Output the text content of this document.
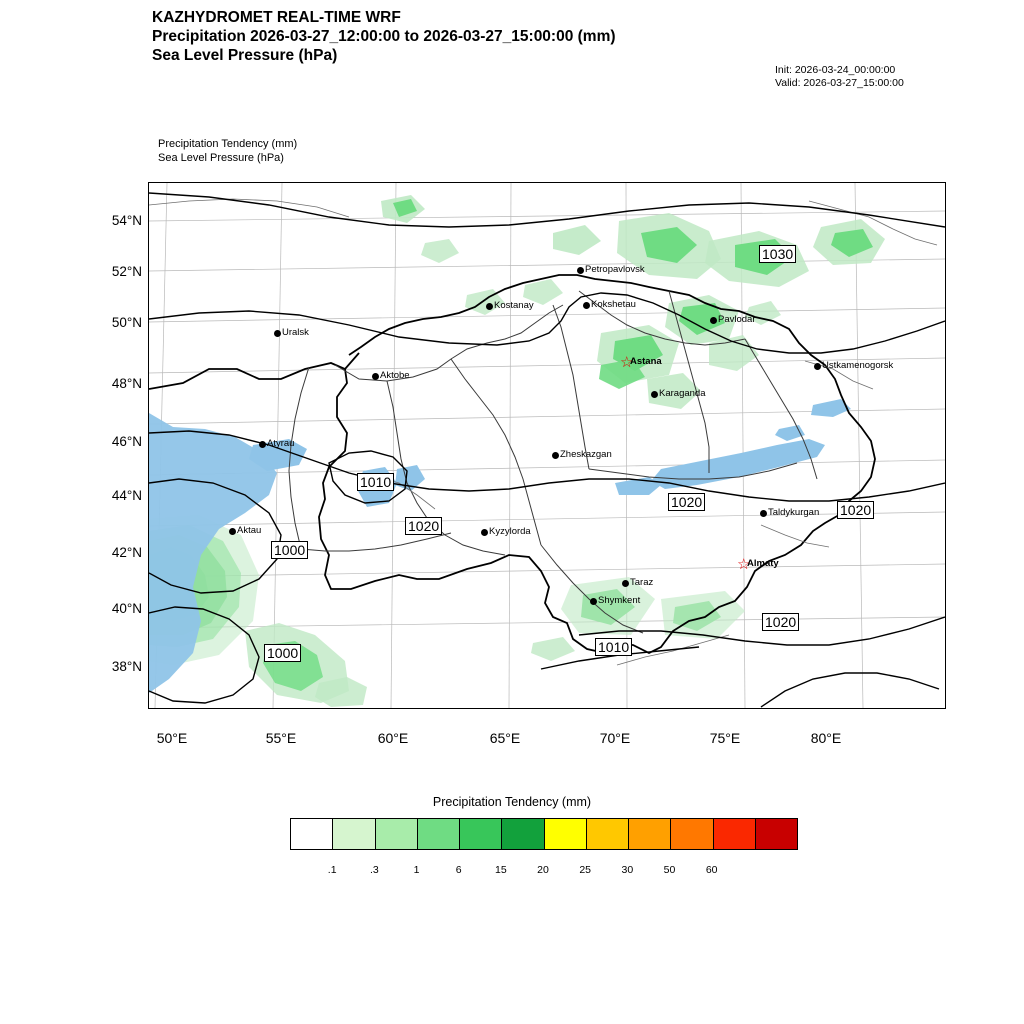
KAZHYDROMET REAL-TIME WRF
Precipitation 2026-03-27_12:00:00 to 2026-03-27_15:00:00 (mm)
Sea Level Pressure (hPa)
Init: 2026-03-24_00:00:00
Valid: 2026-03-27_15:00:00
Precipitation Tendency (mm)
Sea Level Pressure (hPa)
54°N
52°N
50°N
48°N
46°N
44°N
42°N
40°N
38°N
50°E	55°E	60°E	65°E	70°E	75°E	80°E
Petropavlovsk
Kostanay	Kokshetau
Pavlodar
Uralsk
Ustkamenogorsk
Aktobe
☆
Astana
Karaganda
Atyrau
Zheskazgan
Taldykurgan
Aktau	Kyzylorda
☆
Almaty
Taraz
Shymkent
1030
1020
1010
1000
1000
1020	1020
1020
1010
Precipitation Tendency (mm)
.1	.3	1	6	15	20	25	30	50	60
